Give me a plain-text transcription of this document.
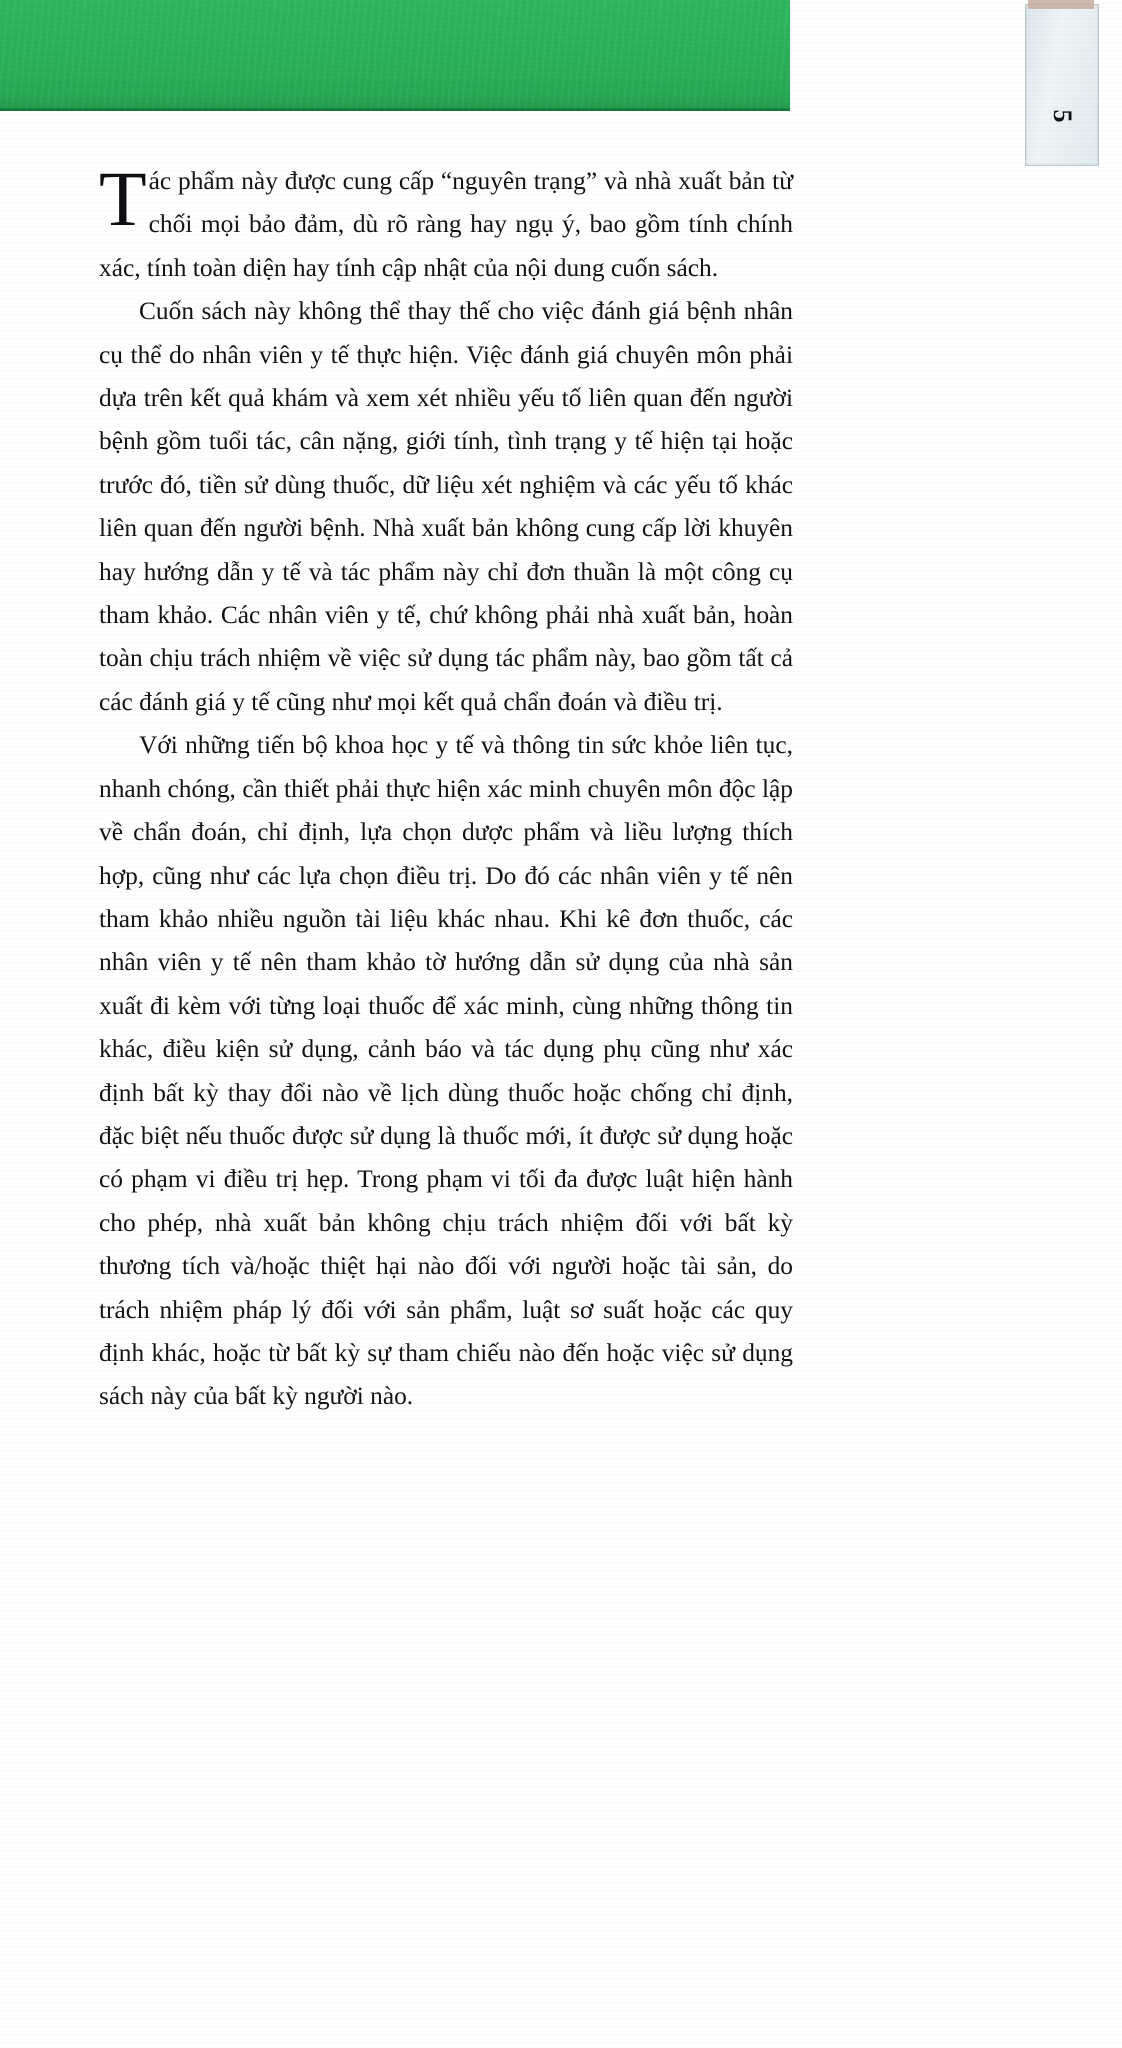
5

Tác phẩm này được cung cấp “nguyên trạng” và nhà xuất bản từ chối mọi bảo đảm, dù rõ ràng hay ngụ ý, bao gồm tính chính xác, tính toàn diện hay tính cập nhật của nội dung cuốn sách.

Cuốn sách này không thể thay thế cho việc đánh giá bệnh nhân cụ thể do nhân viên y tế thực hiện. Việc đánh giá chuyên môn phải dựa trên kết quả khám và xem xét nhiều yếu tố liên quan đến người bệnh gồm tuổi tác, cân nặng, giới tính, tình trạng y tế hiện tại hoặc trước đó, tiền sử dùng thuốc, dữ liệu xét nghiệm và các yếu tố khác liên quan đến người bệnh. Nhà xuất bản không cung cấp lời khuyên hay hướng dẫn y tế và tác phẩm này chỉ đơn thuần là một công cụ tham khảo. Các nhân viên y tế, chứ không phải nhà xuất bản, hoàn toàn chịu trách nhiệm về việc sử dụng tác phẩm này, bao gồm tất cả các đánh giá y tế cũng như mọi kết quả chẩn đoán và điều trị.

Với những tiến bộ khoa học y tế và thông tin sức khỏe liên tục, nhanh chóng, cần thiết phải thực hiện xác minh chuyên môn độc lập về chẩn đoán, chỉ định, lựa chọn dược phẩm và liều lượng thích hợp, cũng như các lựa chọn điều trị. Do đó các nhân viên y tế nên tham khảo nhiều nguồn tài liệu khác nhau. Khi kê đơn thuốc, các nhân viên y tế nên tham khảo tờ hướng dẫn sử dụng của nhà sản xuất đi kèm với từng loại thuốc để xác minh, cùng những thông tin khác, điều kiện sử dụng, cảnh báo và tác dụng phụ cũng như xác định bất kỳ thay đổi nào về lịch dùng thuốc hoặc chống chỉ định, đặc biệt nếu thuốc được sử dụng là thuốc mới, ít được sử dụng hoặc có phạm vi điều trị hẹp. Trong phạm vi tối đa được luật hiện hành cho phép, nhà xuất bản không chịu trách nhiệm đối với bất kỳ thương tích và/hoặc thiệt hại nào đối với người hoặc tài sản, do trách nhiệm pháp lý đối với sản phẩm, luật sơ suất hoặc các quy định khác, hoặc từ bất kỳ sự tham chiếu nào đến hoặc việc sử dụng sách này của bất kỳ người nào.
